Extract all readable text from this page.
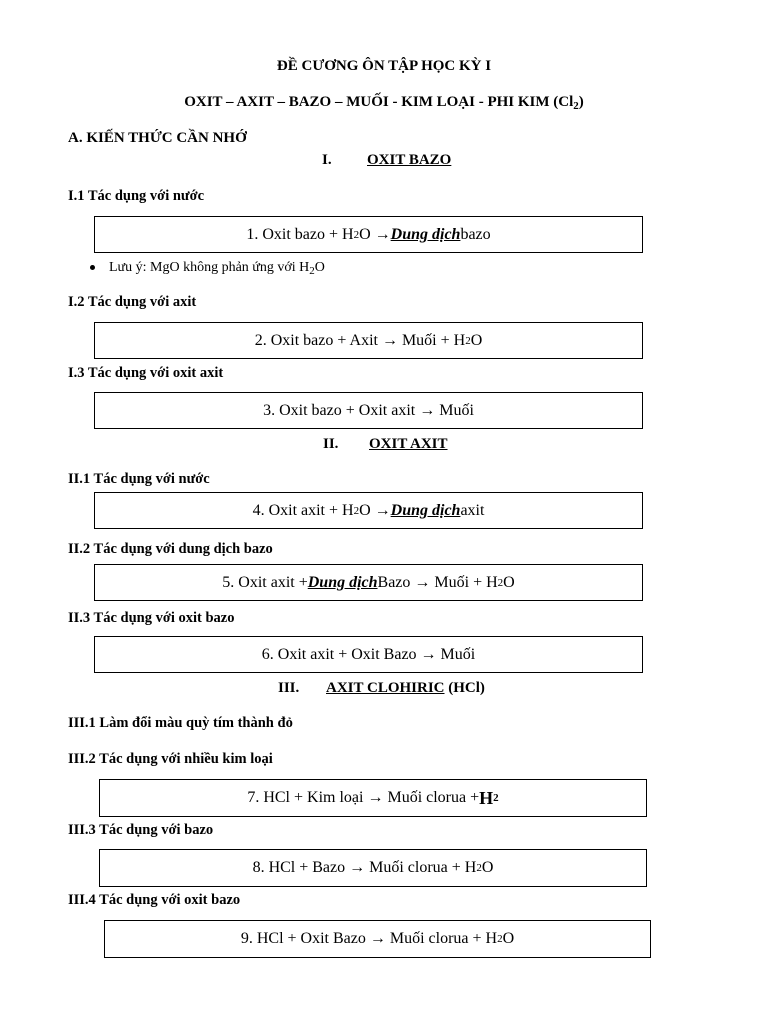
ĐỀ CƯƠNG ÔN TẬP HỌC KỲ I
OXIT – AXIT – BAZO – MUỐI - KIM LOẠI - PHI KIM $(Cl_2)$
A. KIẾN THỨC CẦN NHỚ
I. OXIT BAZO
I.1 Tác dụng với nước
1. Oxit bazo + H 2 O → Dung dịch bazo
Lưu ý: MgO không phản ứng với $H_2O$
I.2 Tác dụng với axit
2. Oxit bazo + Axit → Muối + H 2 O
I.3 Tác dụng với oxit axit
3. Oxit bazo + Oxit axit → Muối
II. OXIT AXIT
II.1 Tác dụng với nước
4. Oxit axit + H 2 O → Dung dịch axit
II.2 Tác dụng với dung dịch bazo
5. Oxit axit + Dung dịch Bazo → Muối + H 2 O
II.3 Tác dụng với oxit bazo
6. Oxit axit + Oxit Bazo → Muối
III. AXIT CLOHIRIC (HCl)
III.1 Làm đổi màu quỳ tím thành đỏ
III.2 Tác dụng với nhiều kim loại
7. HCl + Kim loại → Muối clorua + H 2
III.3 Tác dụng với bazo
8. HCl + Bazo → Muối clorua + H 2 O
III.4 Tác dụng với oxit bazo
9. HCl + Oxit Bazo → Muối clorua + H 2 O
